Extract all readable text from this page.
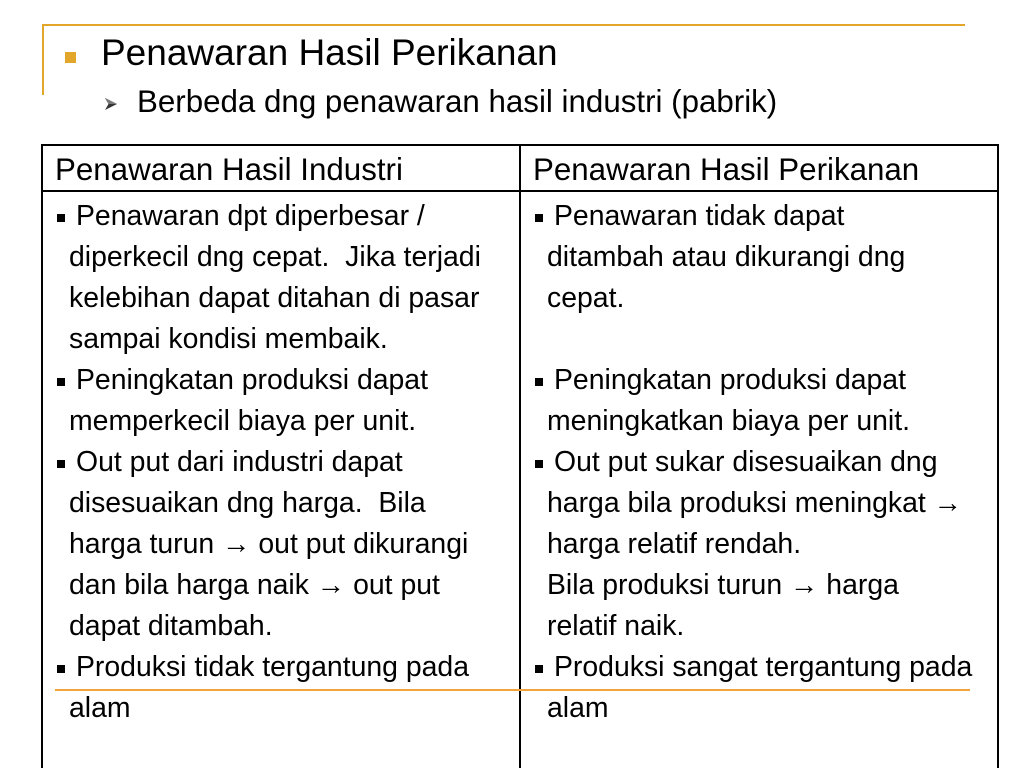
Penawaran Hasil Perikanan
Berbeda dng penawaran hasil industri (pabrik)
Penawaran Hasil Industri	Penawaran Hasil Perikanan
Penawaran dpt diperbesar /
diperkecil dng cepat.  Jika terjadi
kelebihan dapat ditahan di pasar
sampai kondisi membaik.
Peningkatan produksi dapat
memperkecil biaya per unit.
Out put dari industri dapat
disesuaikan dng harga.  Bila
harga turun → out put dikurangi
dan bila harga naik → out put
dapat ditambah.
Produksi tidak tergantung pada
alam
Penawaran tidak dapat
ditambah atau dikurangi dng
cepat.
Peningkatan produksi dapat
meningkatkan biaya per unit.
Out put sukar disesuaikan dng
harga bila produksi meningkat →
harga relatif rendah.
Bila produksi turun → harga
relatif naik.
Produksi sangat tergantung pada
alam
